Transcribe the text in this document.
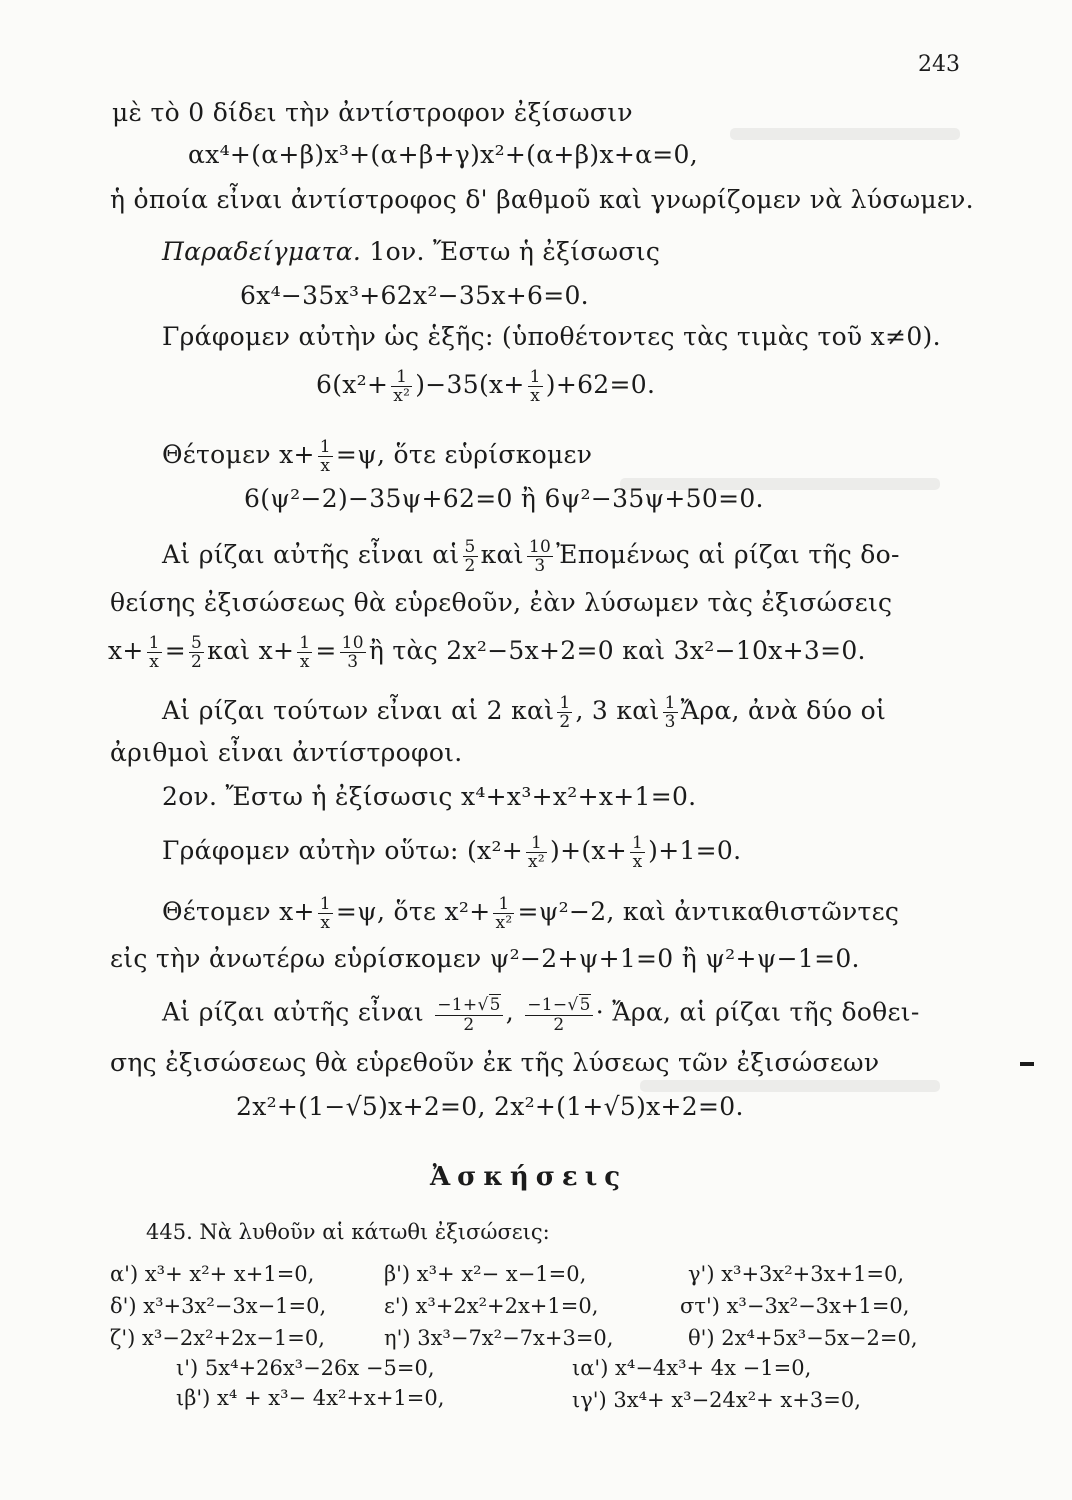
243
μὲ τὸ 0 δίδει τὴν ἀντίστροφον ἐξίσωσιν
αx⁴+(α+β)x³+(α+β+γ)x²+(α+β)x+α=0,
ἡ ὁποία εἶναι ἀντίστροφος δ' βαθμοῦ καὶ γνωρίζομεν νὰ λύσωμεν.
Παραδείγματα. 1ον. Ἔστω ἡ ἐξίσωσις
6x⁴−35x³+62x²−35x+6=0.
Γράφομεν αὐτὴν ὡς ἑξῆς: (ὑποθέτοντες τὰς τιμὰς τοῦ x≠0).
$6(x^2+ \frac{1}{\text{x²}} )-35(x+ \frac{1}{x} )+62=0$.
Θέτομεν $x+ \frac{1}{x} =\psi$, ὅτε εὑρίσκομεν
6(ψ²−2)−35ψ+62=0 ἢ 6ψ²−35ψ+50=0.
Αἱ ρίζαι αὐτῆς εἶναι αἱ $\frac{5}{2}$ καὶ $\frac{10}{3}$ Ἐπομένως αἱ ρίζαι τῆς δο-
θείσης ἐξισώσεως θὰ εὑρεθοῦν, ἐὰν λύσωμεν τὰς ἐξισώσεις
$x+ \frac{1}{x} = \frac{5}{2}$ καὶ $x+ \frac{1}{x} = \frac{10}{3}$ ἢ τὰς 2x²−5x+2=0 καὶ 3x²−10x+3=0.
Αἱ ρίζαι τούτων εἶναι αἱ 2 καὶ $\frac{1}{2}$ , 3 καὶ $\frac{1}{3}$ Ἄρα, ἀνὰ δύο οἱ
ἀριθμοὶ εἶναι ἀντίστροφοι.
2ον. Ἔστω ἡ ἐξίσωσις x⁴+x³+x²+x+1=0.
Γράφομεν αὐτὴν οὕτω: $(x^2+ \frac{1}{\text{x²}} )+(x+ \frac{1}{x} )+1=0$.
Θέτομεν $x+ \frac{1}{x} =\psi$, ὅτε $x^2+ \frac{1}{\text{x²}} =\psi^2-2$, καὶ ἀντικαθιστῶντες
εἰς τὴν ἀνωτέρω εὑρίσκομεν ψ²−2+ψ+1=0 ἢ ψ²+ψ−1=0.
Αἱ ρίζαι αὐτῆς εἶναι $\frac{-1+√5}{2}$ , $\frac{-1-√5}{2}$ · Ἄρα, αἱ ρίζαι τῆς δοθει-
σης ἐξισώσεως θὰ εὑρεθοῦν ἐκ τῆς λύσεως τῶν ἐξισώσεων
2x²+(1−√5)x+2=0, 2x²+(1+√5)x+2=0.
Ἀσκήσεις
445. Νὰ λυθοῦν αἱ κάτωθι ἐξισώσεις:
α') x³+ x²+ x+1=0,	β') x³+ x²− x−1=0,	γ') x³+3x²+3x+1=0,
δ') x³+3x²−3x−1=0,	ε') x³+2x²+2x+1=0,	στ') x³−3x²−3x+1=0,
ζ') x³−2x²+2x−1=0,	η') 3x³−7x²−7x+3=0,	θ') 2x⁴+5x³−5x−2=0,
ι') 5x⁴+26x³−26x −5=0,	ια') x⁴−4x³+ 4x −1=0,
ιβ') x⁴ + x³− 4x²+x+1=0,	ιγ') 3x⁴+ x³−24x²+ x+3=0,
